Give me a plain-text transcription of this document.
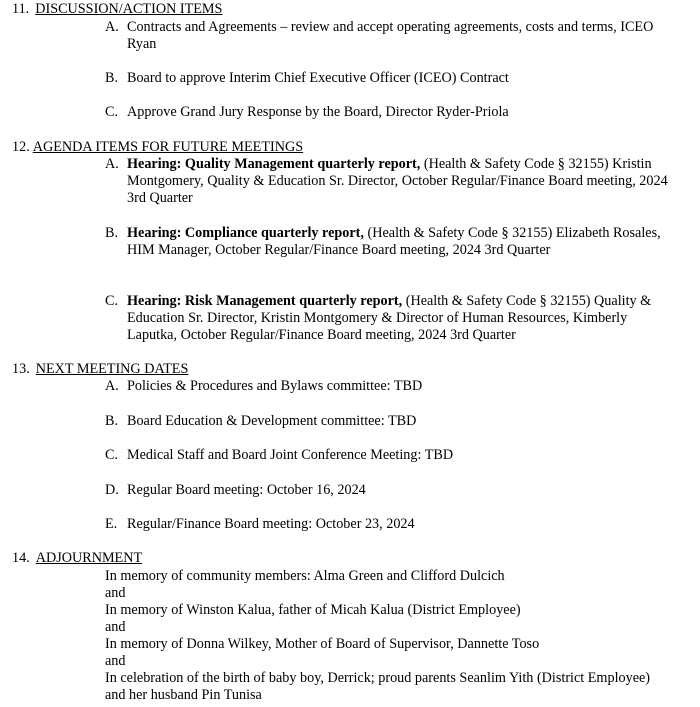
11. DISCUSSION/ACTION ITEMS
A. Contracts and Agreements – review and accept operating agreements, costs and terms, ICEO Ryan
B. Board to approve Interim Chief Executive Officer (ICEO) Contract
C. Approve Grand Jury Response by the Board, Director Ryder-Priola
12. AGENDA ITEMS FOR FUTURE MEETINGS
A. Hearing: Quality Management quarterly report, (Health & Safety Code § 32155) Kristin Montgomery, Quality & Education Sr. Director, October Regular/Finance Board meeting, 2024 3rd Quarter
B. Hearing: Compliance quarterly report, (Health & Safety Code § 32155) Elizabeth Rosales, HIM Manager, October Regular/Finance Board meeting, 2024 3rd Quarter
C. Hearing: Risk Management quarterly report, (Health & Safety Code § 32155) Quality & Education Sr. Director, Kristin Montgomery & Director of Human Resources, Kimberly Laputka, October Regular/Finance Board meeting, 2024 3rd Quarter
13. NEXT MEETING DATES
A. Policies & Procedures and Bylaws committee: TBD
B. Board Education & Development committee: TBD
C. Medical Staff and Board Joint Conference Meeting: TBD
D. Regular Board meeting: October 16, 2024
E. Regular/Finance Board meeting: October 23, 2024
14. ADJOURNMENT
In memory of community members: Alma Green and Clifford Dulcich
and
In memory of Winston Kalua, father of Micah Kalua (District Employee)
and
In memory of Donna Wilkey, Mother of Board of Supervisor, Dannette Toso
and
In celebration of the birth of baby boy, Derrick; proud parents Seanlim Yith (District Employee)
and her husband Pin Tunisa
